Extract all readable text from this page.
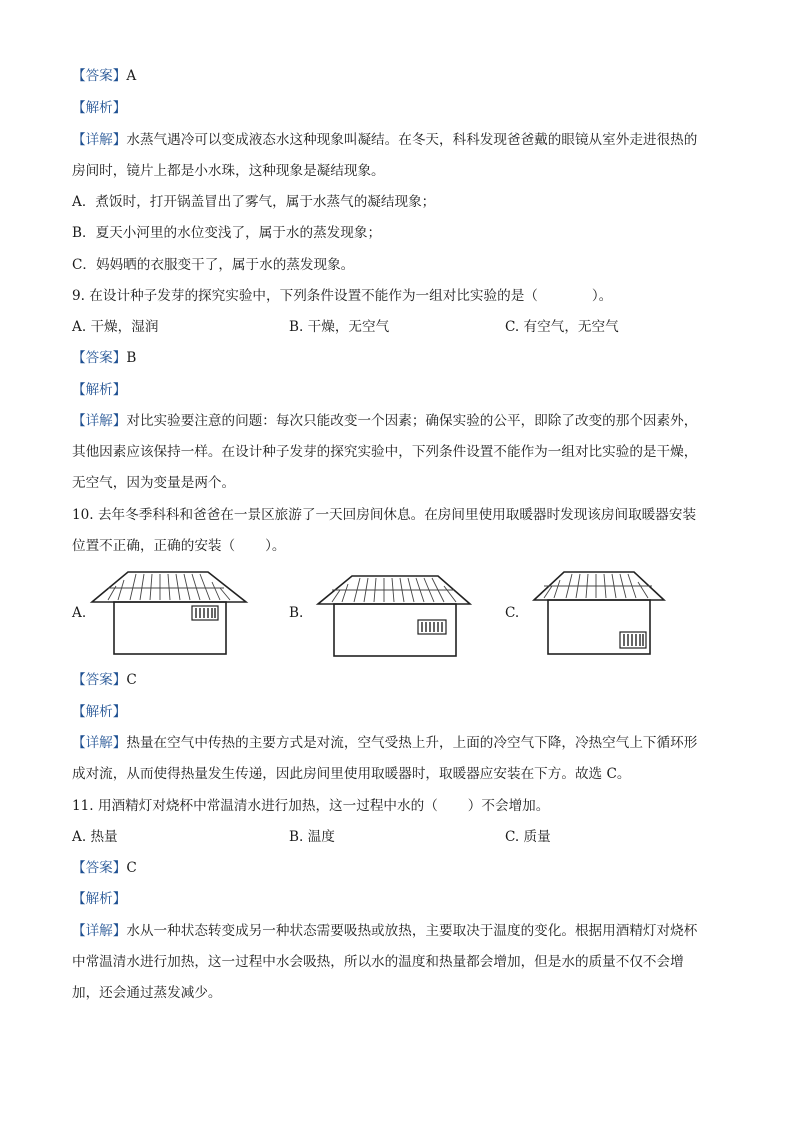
【答案】A
【解析】
【详解】水蒸气遇冷可以变成液态水这种现象叫凝结。在冬天，科科发现爸爸戴的眼镜从室外走进很热的
房间时，镜片上都是小水珠，这种现象是凝结现象。
A．煮饭时，打开锅盖冒出了雾气，属于水蒸气的凝结现象；
B．夏天小河里的水位变浅了，属于水的蒸发现象；
C．妈妈晒的衣服变干了，属于水的蒸发现象。
9. 在设计种子发芽的探究实验中，下列条件设置不能作为一组对比实验的是（	）。
A. 干燥，湿润	B. 干燥，无空气	C. 有空气，无空气
【答案】B
【解析】
【详解】对比实验要注意的问题：每次只能改变一个因素；确保实验的公平，即除了改变的那个因素外，
其他因素应该保持一样。在设计种子发芽的探究实验中，下列条件设置不能作为一组对比实验的是干燥，
无空气，因为变量是两个。
10. 去年冬季科科和爸爸在一景区旅游了一天回房间休息。在房间里使用取暖器时发现该房间取暖器安装
位置不正确，正确的安装（ ）。
A.	B.	C.
【答案】C
【解析】
【详解】热量在空气中传热的主要方式是对流，空气受热上升，上面的冷空气下降，冷热空气上下循环形
成对流，从而使得热量发生传递，因此房间里使用取暖器时，取暖器应安装在下方。故选 C。
11. 用酒精灯对烧杯中常温清水进行加热，这一过程中水的（ ）不会增加。
A. 热量	B. 温度	C. 质量
【答案】C
【解析】
【详解】水从一种状态转变成另一种状态需要吸热或放热，主要取决于温度的变化。根据用酒精灯对烧杯
中常温清水进行加热，这一过程中水会吸热，所以水的温度和热量都会增加，但是水的质量不仅不会增
加，还会通过蒸发减少。
